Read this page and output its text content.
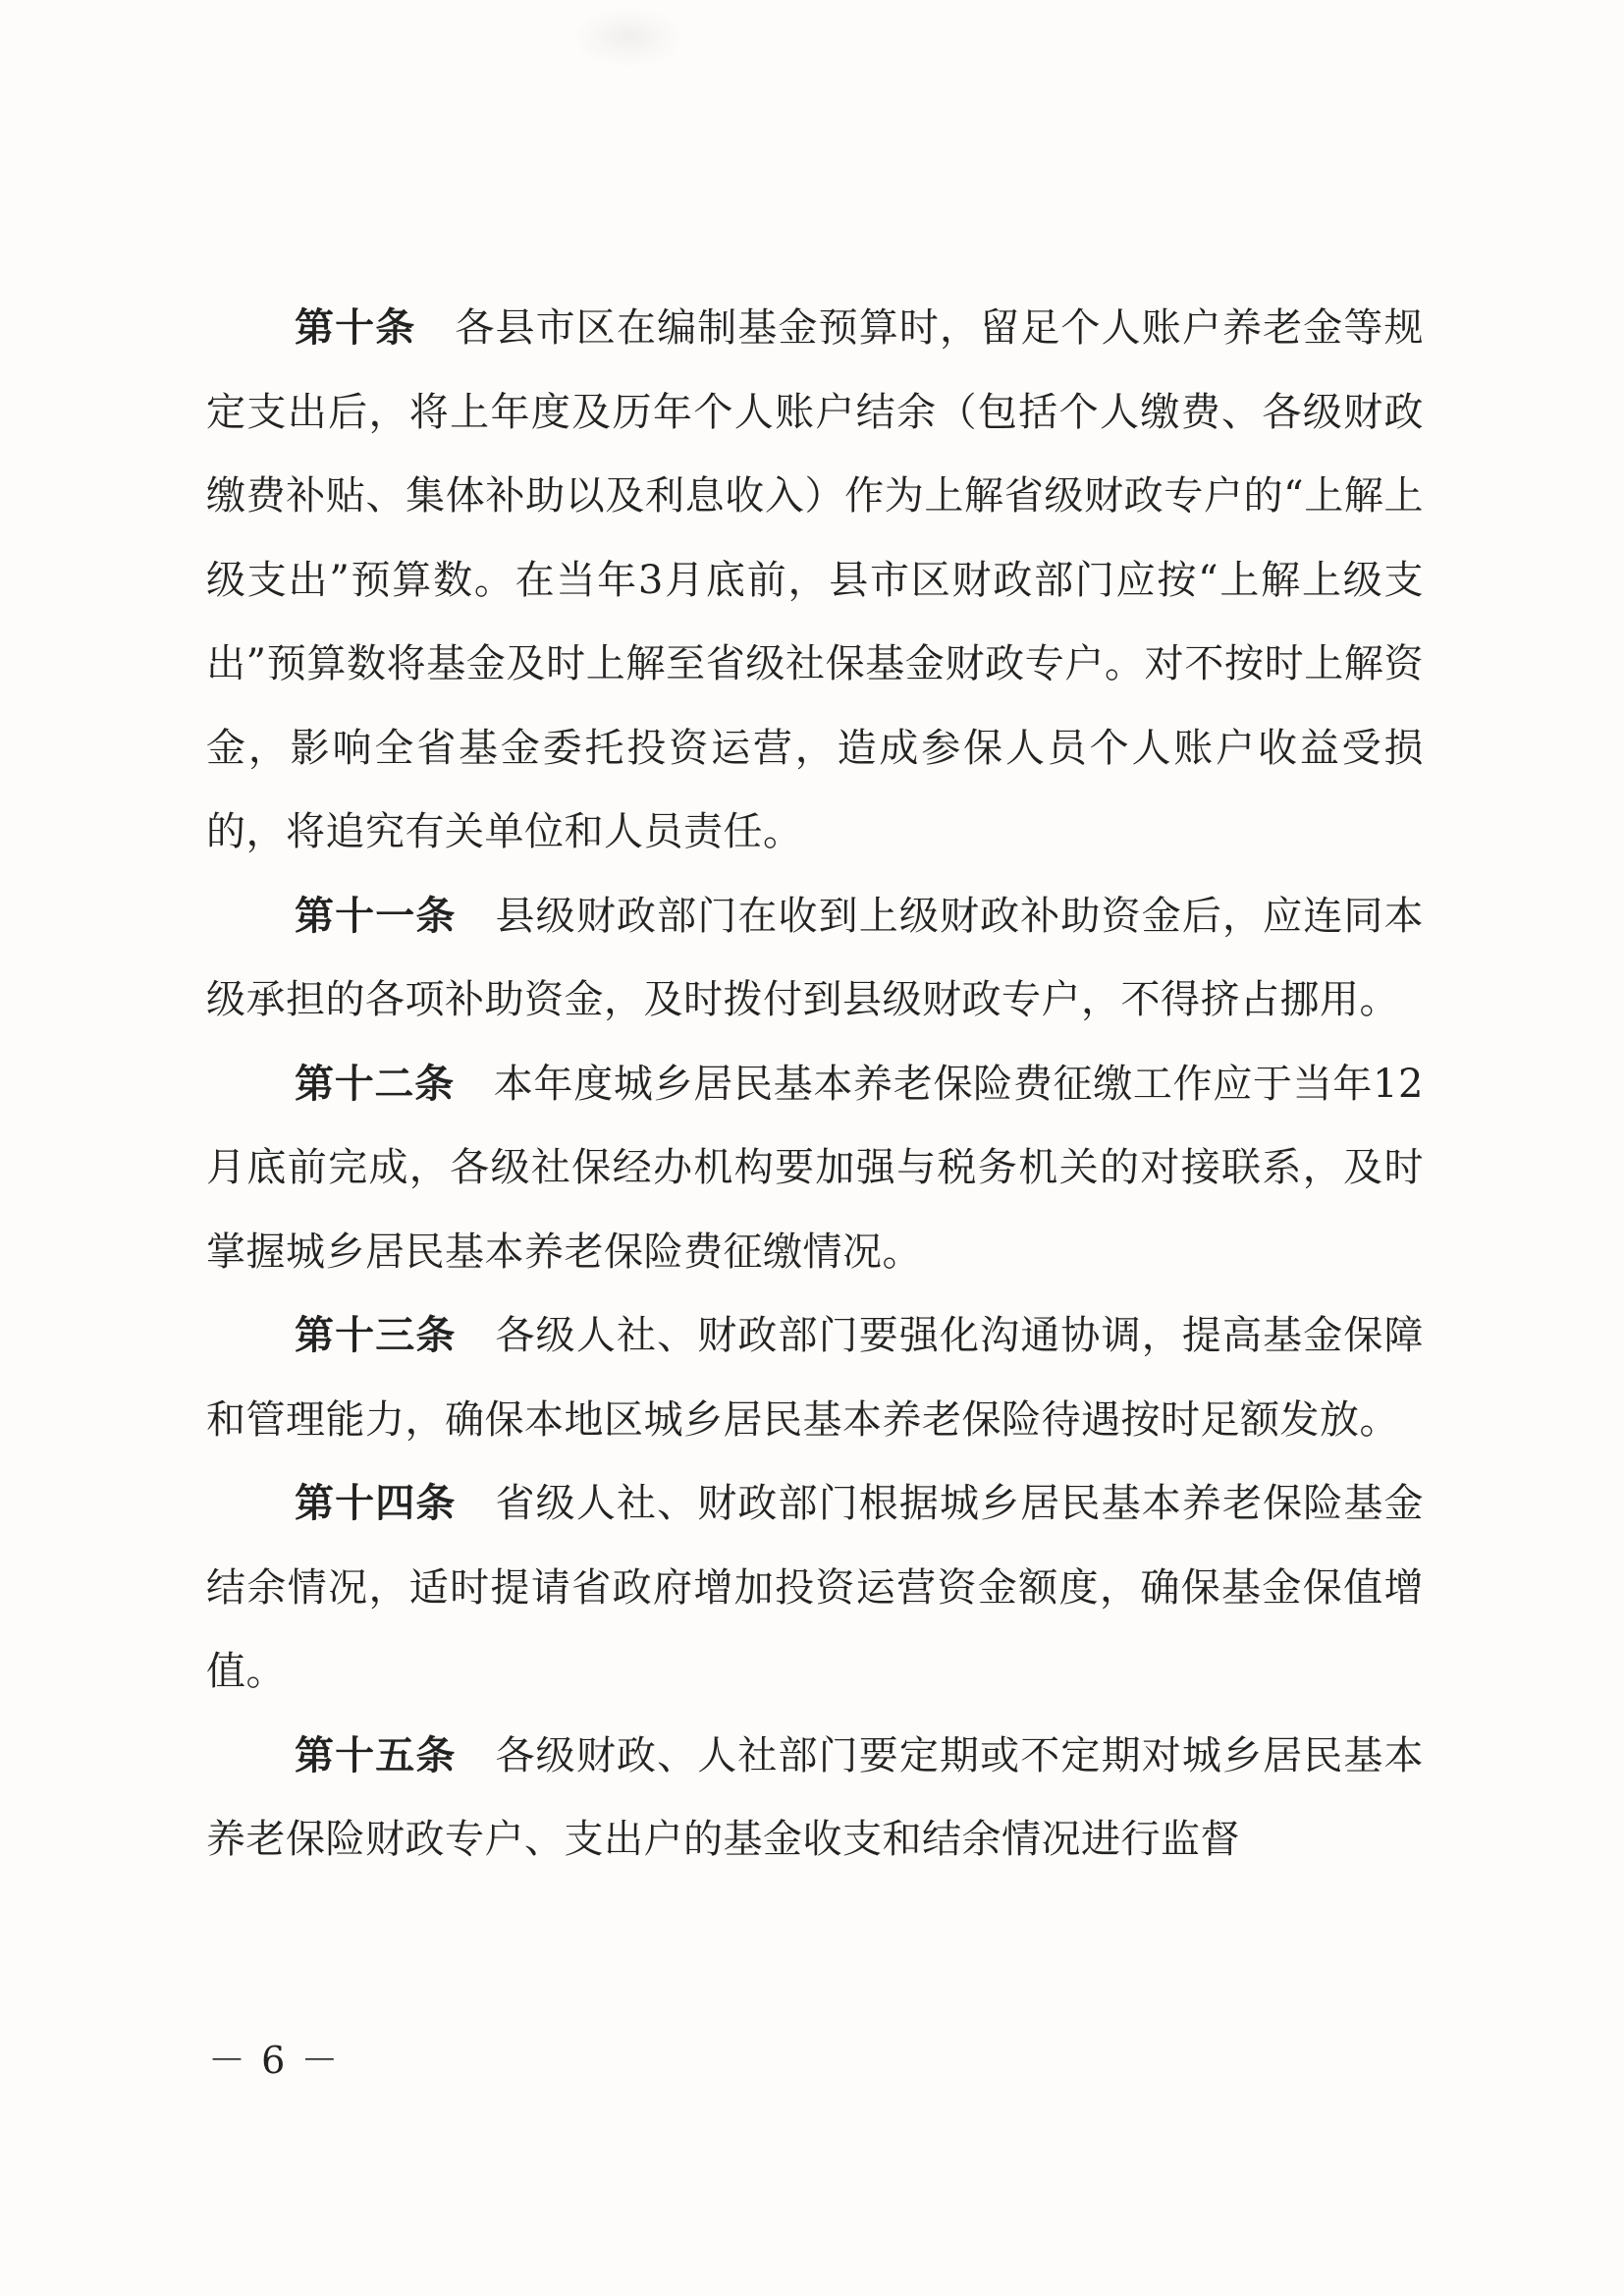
第十条 各县市区在编制基金预算时，留足个人账户养老金等规定支出后，将上年度及历年个人账户结余（包括个人缴费、各级财政缴费补贴、集体补助以及利息收入）作为上解省级财政专户的“上解上级支出”预算数。在当年3月底前，县市区财政部门应按“上解上级支出”预算数将基金及时上解至省级社保基金财政专户。对不按时上解资金，影响全省基金委托投资运营，造成参保人员个人账户收益受损的，将追究有关单位和人员责任。

第十一条 县级财政部门在收到上级财政补助资金后，应连同本级承担的各项补助资金，及时拨付到县级财政专户，不得挤占挪用。

第十二条 本年度城乡居民基本养老保险费征缴工作应于当年12月底前完成，各级社保经办机构要加强与税务机关的对接联系，及时掌握城乡居民基本养老保险费征缴情况。

第十三条 各级人社、财政部门要强化沟通协调，提高基金保障和管理能力，确保本地区城乡居民基本养老保险待遇按时足额发放。

第十四条 省级人社、财政部门根据城乡居民基本养老保险基金结余情况，适时提请省政府增加投资运营资金额度，确保基金保值增值。

第十五条 各级财政、人社部门要定期或不定期对城乡居民基本养老保险财政专户、支出户的基金收支和结余情况进行监督

－ 6 －
